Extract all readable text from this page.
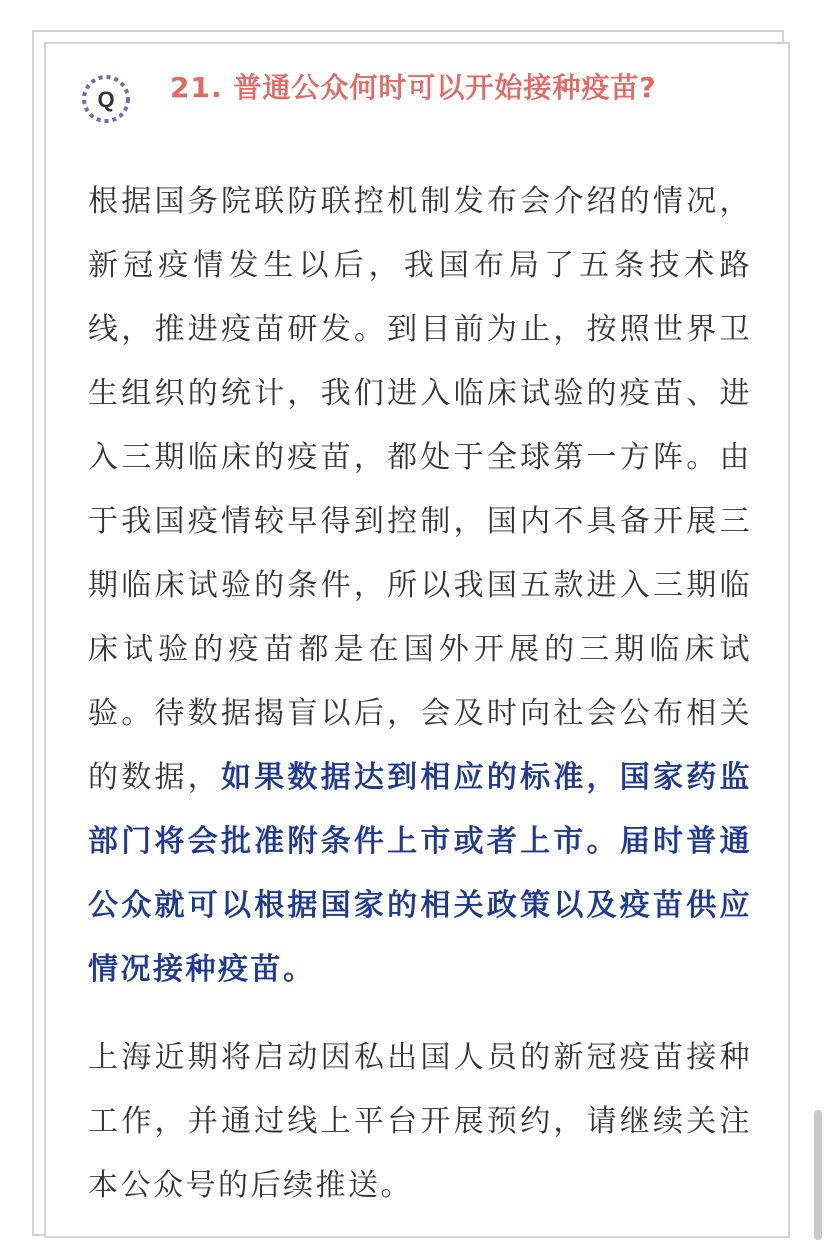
Q 21. 普通公众何时可以开始接种疫苗?

根据国务院联防联控机制发布会介绍的情况，新冠疫情发生以后，我国布局了五条技术路线，推进疫苗研发。到目前为止，按照世界卫生组织的统计，我们进入临床试验的疫苗、进入三期临床的疫苗，都处于全球第一方阵。由于我国疫情较早得到控制，国内不具备开展三期临床试验的条件，所以我国五款进入三期临床试验的疫苗都是在国外开展的三期临床试验。待数据揭盲以后，会及时向社会公布相关的数据，如果数据达到相应的标准，国家药监部门将会批准附条件上市或者上市。届时普通公众就可以根据国家的相关政策以及疫苗供应情况接种疫苗。

上海近期将启动因私出国人员的新冠疫苗接种工作，并通过线上平台开展预约，请继续关注本公众号的后续推送。
